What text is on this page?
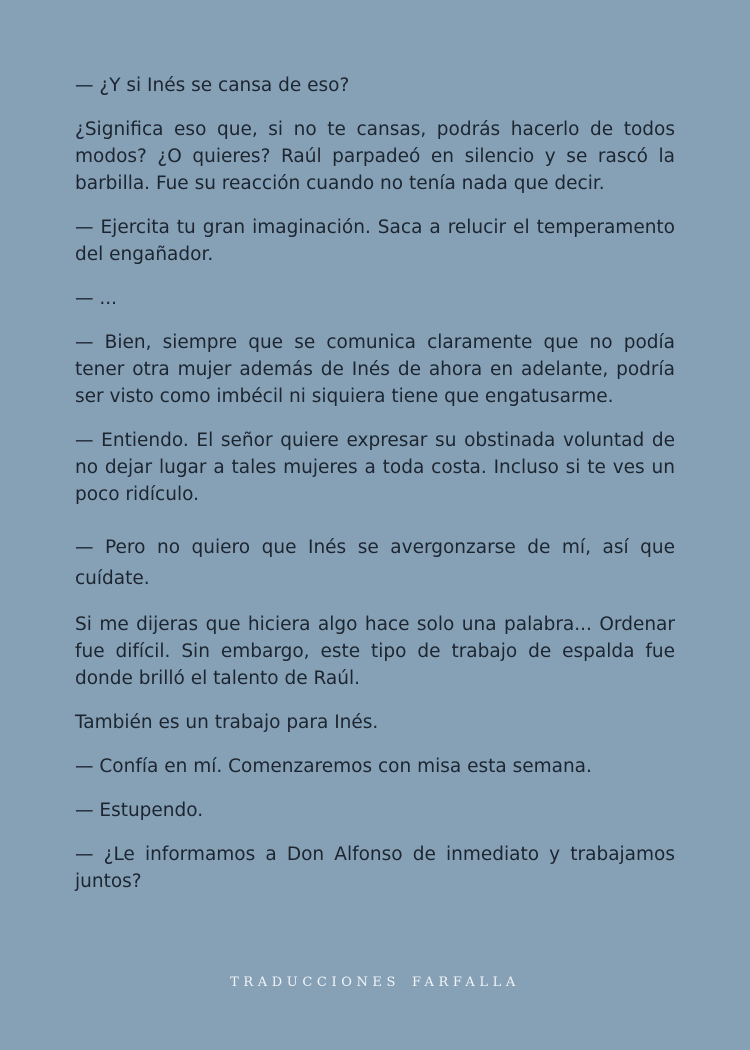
— ¿Y si Inés se cansa de eso?

¿Significa eso que, si no te cansas, podrás hacerlo de todos modos? ¿O quieres? Raúl parpadeó en silencio y se rascó la barbilla. Fue su reacción cuando no tenía nada que decir.

— Ejercita tu gran imaginación. Saca a relucir el temperamento del engañador.

— ...

— Bien, siempre que se comunica claramente que no podía tener otra mujer además de Inés de ahora en adelante, podría ser visto como imbécil ni siquiera tiene que engatusarme.

— Entiendo. El señor quiere expresar su obstinada voluntad de no dejar lugar a tales mujeres a toda costa. Incluso si te ves un poco ridículo.

— Pero no quiero que Inés se avergonzarse de mí, así que cuídate.

Si me dijeras que hiciera algo hace solo una palabra... Ordenar fue difícil. Sin embargo, este tipo de trabajo de espalda fue donde brilló el talento de Raúl.

También es un trabajo para Inés.

— Confía en mí. Comenzaremos con misa esta semana.

— Estupendo.

— ¿Le informamos a Don Alfonso de inmediato y trabajamos juntos?

TRADUCCIONES FARFALLA
